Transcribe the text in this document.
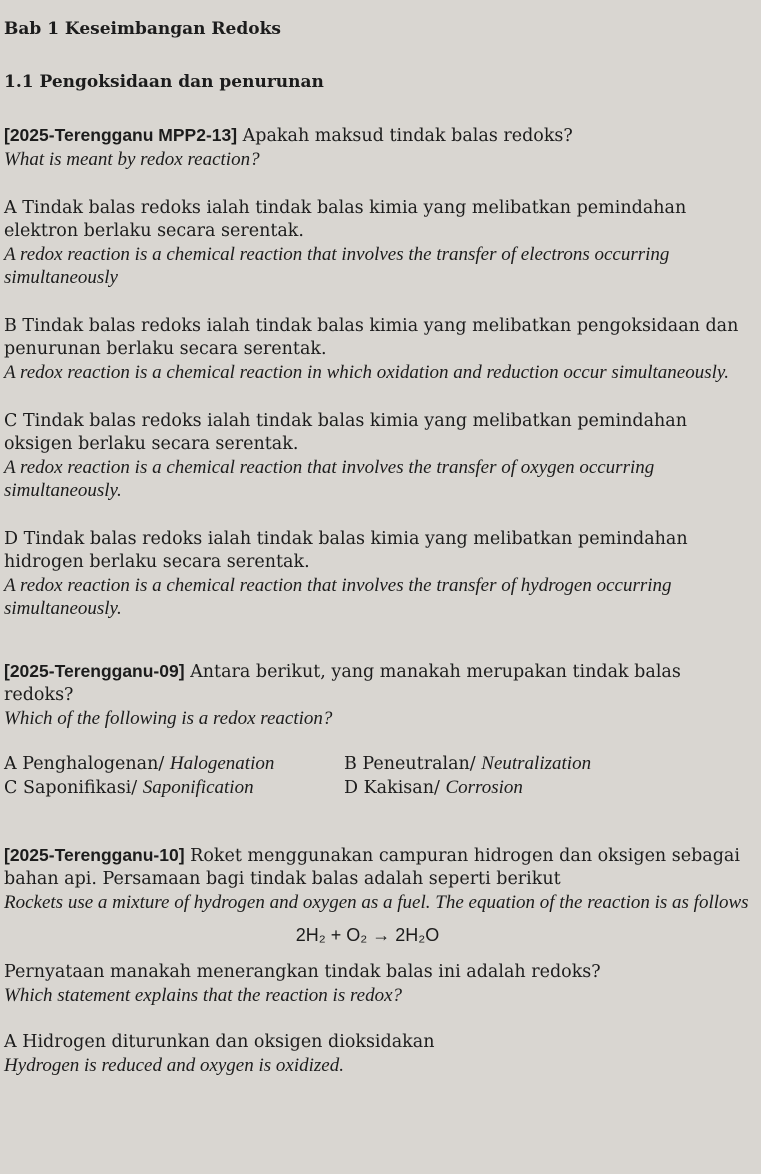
Bab 1 Keseimbangan Redoks
1.1 Pengoksidaan dan penurunan

[2025-Terengganu MPP2-13] Apakah maksud tindak balas redoks?

What is meant by redox reaction?

A Tindak balas redoks ialah tindak balas kimia yang melibatkan pemindahan elektron berlaku secara serentak.
A redox reaction is a chemical reaction that involves the transfer of electrons occurring simultaneously
B Tindak balas redoks ialah tindak balas kimia yang melibatkan pengoksidaan dan penurunan berlaku secara serentak.
A redox reaction is a chemical reaction in which oxidation and reduction occur simultaneously.
C Tindak balas redoks ialah tindak balas kimia yang melibatkan pemindahan oksigen berlaku secara serentak.
A redox reaction is a chemical reaction that involves the transfer of oxygen occurring simultaneously.
D Tindak balas redoks ialah tindak balas kimia yang melibatkan pemindahan hidrogen berlaku secara serentak.
A redox reaction is a chemical reaction that involves the transfer of hydrogen occurring simultaneously.

[2025-Terengganu-09] Antara berikut, yang manakah merupakan tindak balas redoks?

Which of the following is a redox reaction?

A Penghalogenan/ Halogenation	B Peneutralan/ Neutralization
C Saponifikasi/ Saponification	D Kakisan/ Corrosion

[2025-Terengganu-10] Roket menggunakan campuran hidrogen dan oksigen sebagai bahan api. Persamaan bagi tindak balas adalah seperti berikut

Rockets use a mixture of hydrogen and oxygen as a fuel. The equation of the reaction is as follows

2H₂ + O₂ → 2H₂O

Pernyataan manakah menerangkan tindak balas ini adalah redoks?

Which statement explains that the reaction is redox?

A Hidrogen diturunkan dan oksigen dioksidakan
Hydrogen is reduced and oxygen is oxidized.
